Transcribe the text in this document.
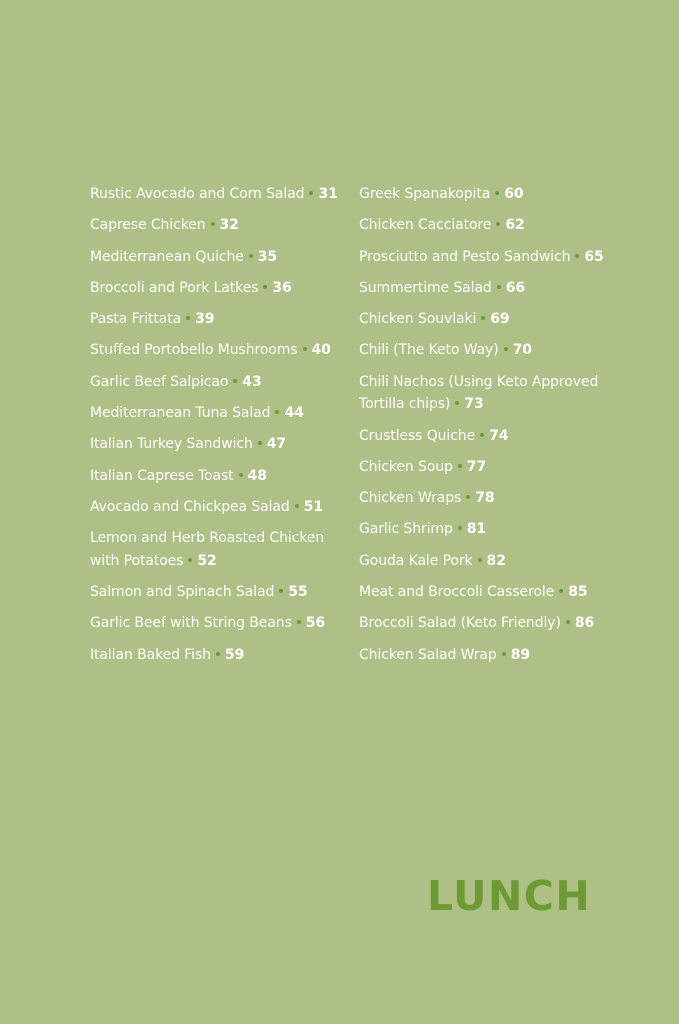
Rustic Avocado and Corn Salad 31
Caprese Chicken 32
Mediterranean Quiche 35
Broccoli and Pork Latkes 36
Pasta Frittata 39
Stuffed Portobello Mushrooms 40
Garlic Beef Salpicao 43
Mediterranean Tuna Salad 44
Italian Turkey Sandwich 47
Italian Caprese Toast 48
Avocado and Chickpea Salad 51
Lemon and Herb Roasted Chicken with Potatoes 52
Salmon and Spinach Salad 55
Garlic Beef with String Beans 56
Italian Baked Fish 59
Greek Spanakopita 60
Chicken Cacciatore 62
Prosciutto and Pesto Sandwich 65
Summertime Salad 66
Chicken Souvlaki 69
Chili (The Keto Way) 70
Chili Nachos (Using Keto Approved Tortilla chips) 73
Crustless Quiche 74
Chicken Soup 77
Chicken Wraps 78
Garlic Shrimp 81
Gouda Kale Pork 82
Meat and Broccoli Casserole 85
Broccoli Salad (Keto Friendly) 86
Chicken Salad Wrap 89
LUNCH
